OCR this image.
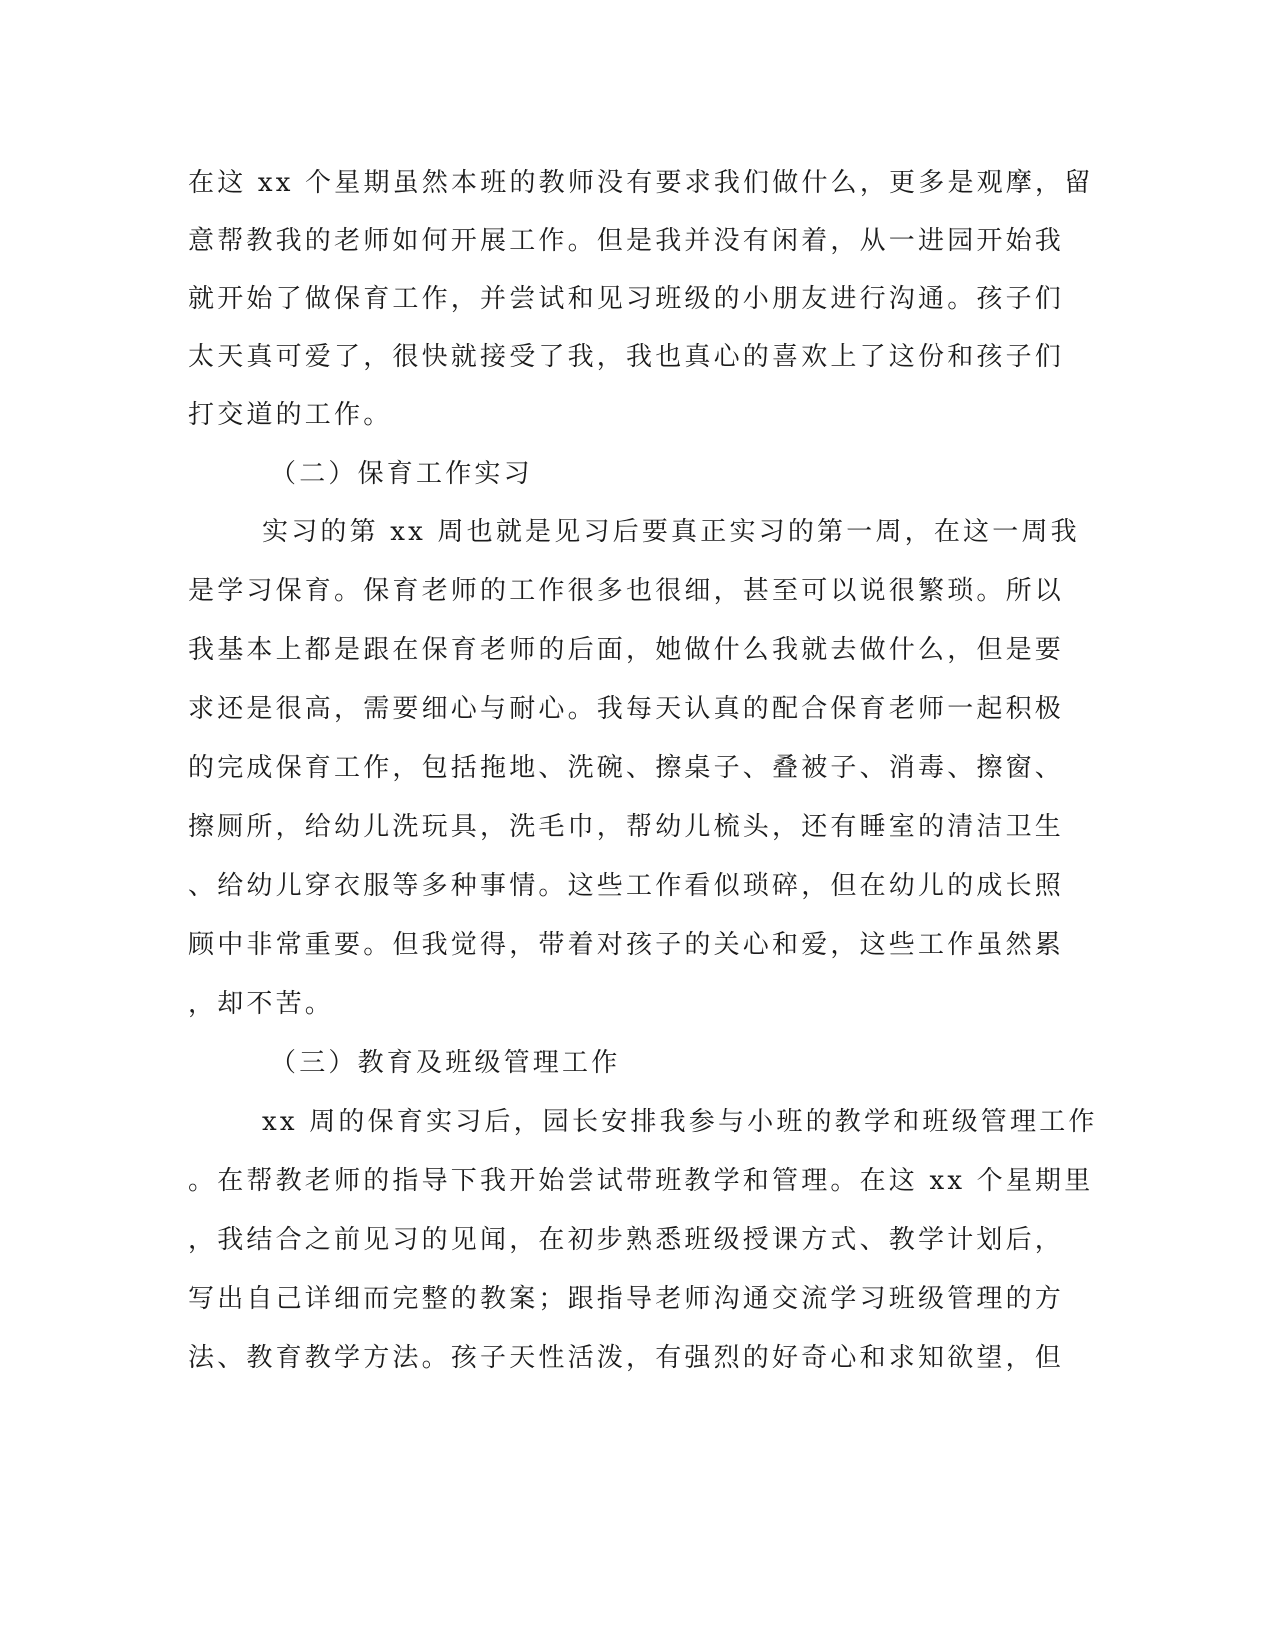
在这 xx 个星期虽然本班的教师没有要求我们做什么，更多是观摩，留
意帮教我的老师如何开展工作。但是我并没有闲着，从一进园开始我
就开始了做保育工作，并尝试和见习班级的小朋友进行沟通。孩子们
太天真可爱了，很快就接受了我，我也真心的喜欢上了这份和孩子们
打交道的工作。
（二）保育工作实习
实习的第 xx 周也就是见习后要真正实习的第一周，在这一周我
是学习保育。保育老师的工作很多也很细，甚至可以说很繁琐。所以
我基本上都是跟在保育老师的后面，她做什么我就去做什么，但是要
求还是很高，需要细心与耐心。我每天认真的配合保育老师一起积极
的完成保育工作，包括拖地、洗碗、擦桌子、叠被子、消毒、擦窗、
擦厕所，给幼儿洗玩具，洗毛巾，帮幼儿梳头，还有睡室的清洁卫生
、给幼儿穿衣服等多种事情。这些工作看似琐碎，但在幼儿的成长照
顾中非常重要。但我觉得，带着对孩子的关心和爱，这些工作虽然累
，却不苦。
（三）教育及班级管理工作
xx 周的保育实习后，园长安排我参与小班的教学和班级管理工作
。在帮教老师的指导下我开始尝试带班教学和管理。在这 xx 个星期里
，我结合之前见习的见闻，在初步熟悉班级授课方式、教学计划后，
写出自己详细而完整的教案；跟指导老师沟通交流学习班级管理的方
法、教育教学方法。孩子天性活泼，有强烈的好奇心和求知欲望，但
